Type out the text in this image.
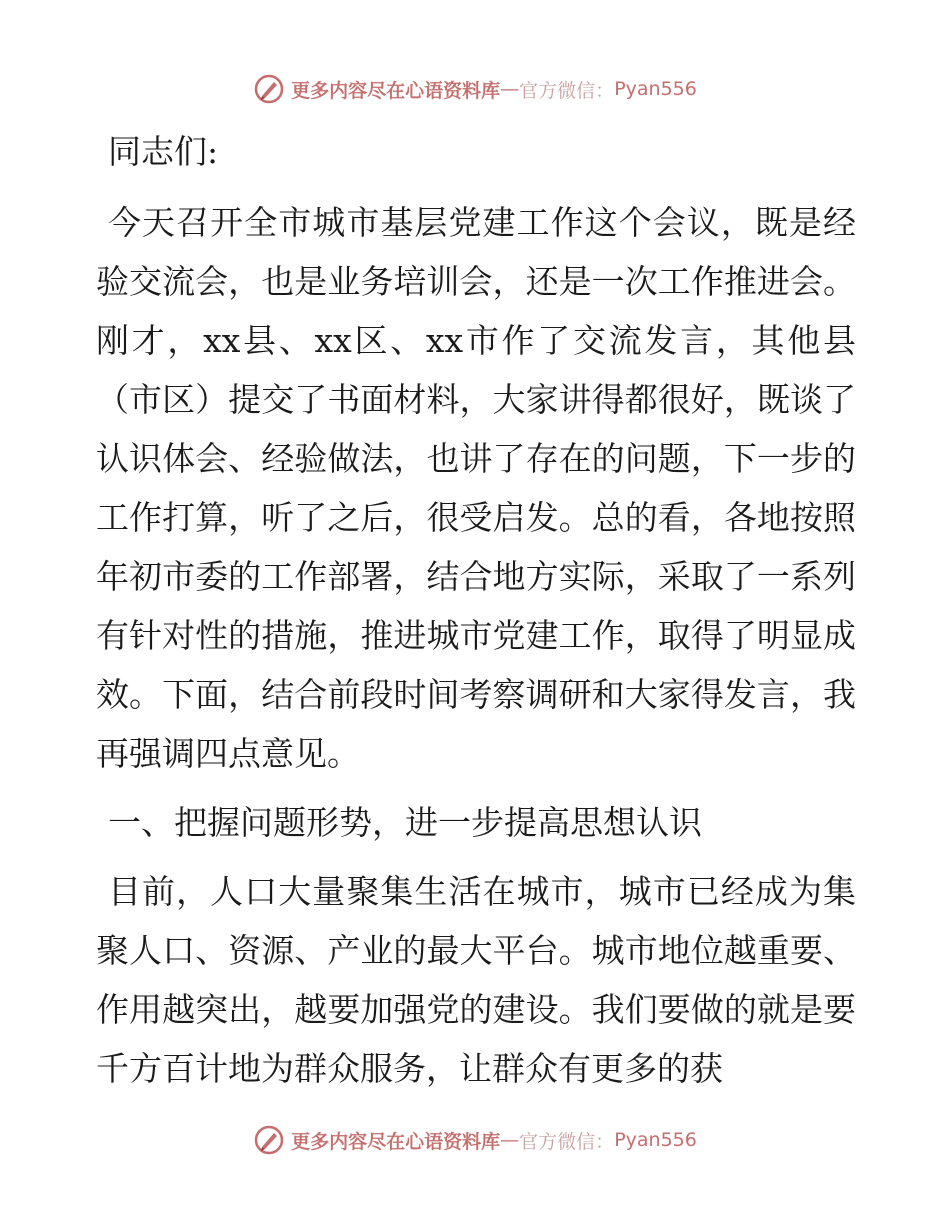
更多内容尽在心语资料库 — 官方微信： Pyan556

同志们:

今天召开全市城市基层党建工作这个会议，既是经验交流会，也是业务培训会，还是一次工作推进会。刚才，xx县、xx区、xx市作了交流发言，其他县（市区）提交了书面材料，大家讲得都很好，既谈了认识体会、经验做法，也讲了存在的问题，下一步的工作打算，听了之后，很受启发。总的看，各地按照年初市委的工作部署，结合地方实际，采取了一系列有针对性的措施，推进城市党建工作，取得了明显成效。下面，结合前段时间考察调研和大家得发言，我再强调四点意见。

一、把握问题形势，进一步提高思想认识

目前，人口大量聚集生活在城市，城市已经成为集聚人口、资源、产业的最大平台。城市地位越重要、作用越突出，越要加强党的建设。我们要做的就是要千方百计地为群众服务，让群众有更多的获

更多内容尽在心语资料库 — 官方微信： Pyan556
